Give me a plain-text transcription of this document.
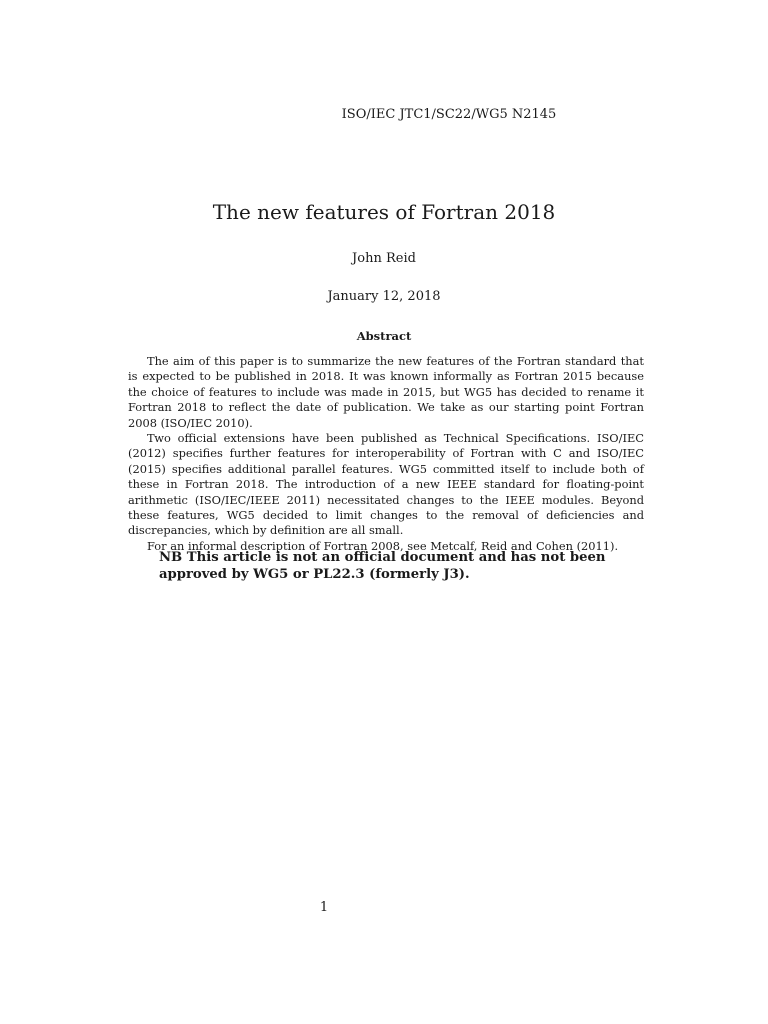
ISO/IEC JTC1/SC22/WG5 N2145
The new features of Fortran 2018
John Reid
January 12, 2018
Abstract

The aim of this paper is to summarize the new features of the Fortran standard that is expected to be published in 2018. It was known informally as Fortran 2015 because the choice of features to include was made in 2015, but WG5 has decided to rename it Fortran 2018 to reflect the date of publication. We take as our starting point Fortran 2008 (ISO/IEC 2010).

Two official extensions have been published as Technical Specifications. ISO/IEC (2012) specifies further features for interoperability of Fortran with C and ISO/IEC (2015) specifies additional parallel features. WG5 committed itself to include both of these in Fortran 2018. The introduction of a new IEEE standard for floating-point arithmetic (ISO/IEC/IEEE 2011) necessitated changes to the IEEE modules. Beyond these features, WG5 decided to limit changes to the removal of deficiencies and discrepancies, which by definition are all small.

For an informal description of Fortran 2008, see Metcalf, Reid and Cohen (2011).

NB This article is not an official document and has not been approved by WG5 or PL22.3 (formerly J3).
1
